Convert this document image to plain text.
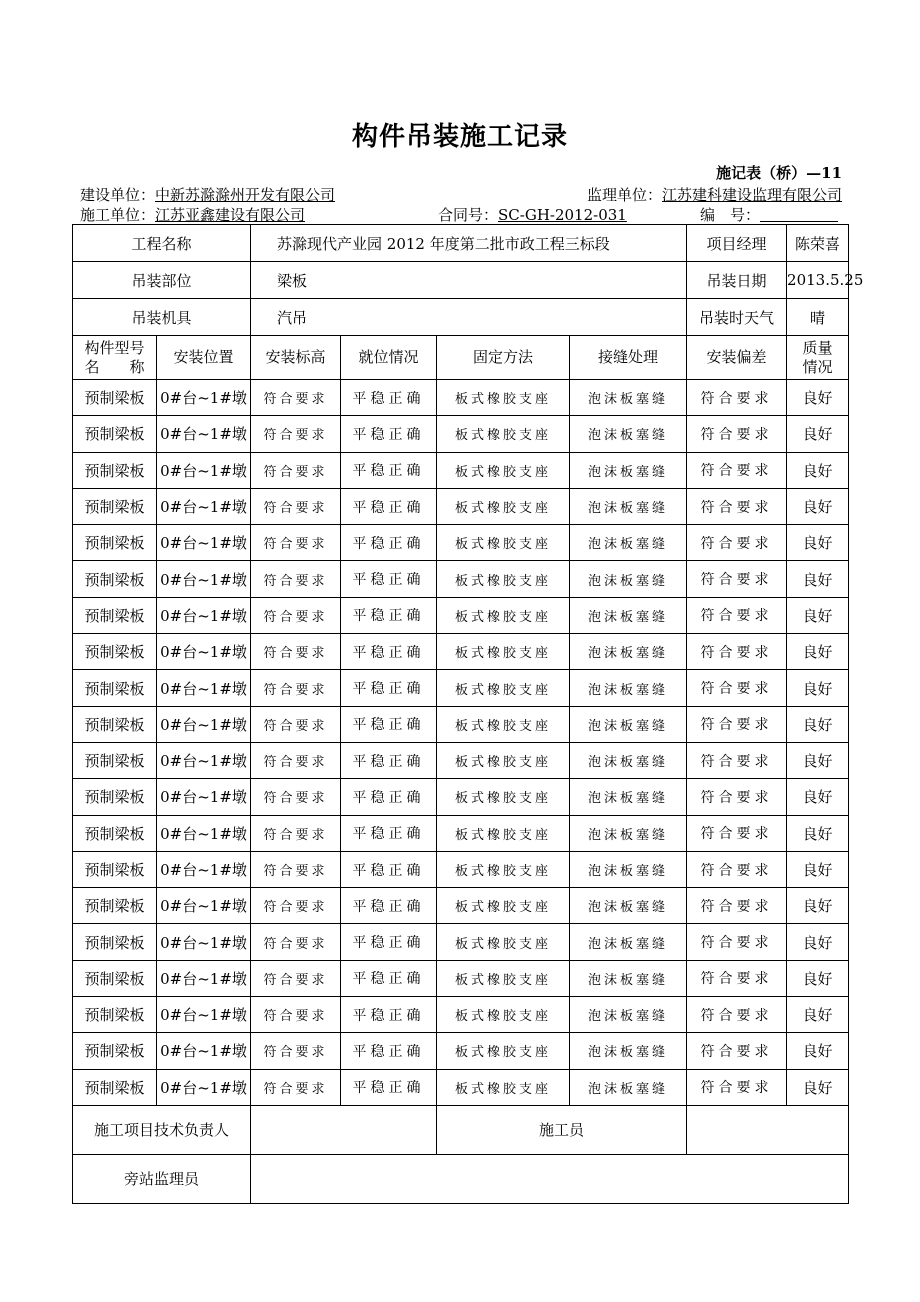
构件吊装施工记录
施记表（桥）—11
建设单位：中新苏滁滁州开发有限公司	监理单位：江苏建科建设监理有限公司
施工单位：江苏亚鑫建设有限公司	合同号：SC-GH-2012-031	编　号：
工程名称		苏滁现代产业园 2012 年度第二批市政工程三标段				项目经理	陈荣喜
吊装部位		梁板				吊装日期	2013.5.25
吊装机具		汽吊				吊装时天气	晴
构件型号
名　　称	安装位置	安装标高	就位情况	固定方法	接缝处理	安装偏差	质量
情况
预制梁板	0#台~1#墩	符合要求	平稳正确	板式橡胶支座	泡沫板塞缝	符合要求	良好
预制梁板	0#台~1#墩	符合要求	平稳正确	板式橡胶支座	泡沫板塞缝	符合要求	良好
预制梁板	0#台~1#墩	符合要求	平稳正确	板式橡胶支座	泡沫板塞缝	符合要求	良好
预制梁板	0#台~1#墩	符合要求	平稳正确	板式橡胶支座	泡沫板塞缝	符合要求	良好
预制梁板	0#台~1#墩	符合要求	平稳正确	板式橡胶支座	泡沫板塞缝	符合要求	良好
预制梁板	0#台~1#墩	符合要求	平稳正确	板式橡胶支座	泡沫板塞缝	符合要求	良好
预制梁板	0#台~1#墩	符合要求	平稳正确	板式橡胶支座	泡沫板塞缝	符合要求	良好
预制梁板	0#台~1#墩	符合要求	平稳正确	板式橡胶支座	泡沫板塞缝	符合要求	良好
预制梁板	0#台~1#墩	符合要求	平稳正确	板式橡胶支座	泡沫板塞缝	符合要求	良好
预制梁板	0#台~1#墩	符合要求	平稳正确	板式橡胶支座	泡沫板塞缝	符合要求	良好
预制梁板	0#台~1#墩	符合要求	平稳正确	板式橡胶支座	泡沫板塞缝	符合要求	良好
预制梁板	0#台~1#墩	符合要求	平稳正确	板式橡胶支座	泡沫板塞缝	符合要求	良好
预制梁板	0#台~1#墩	符合要求	平稳正确	板式橡胶支座	泡沫板塞缝	符合要求	良好
预制梁板	0#台~1#墩	符合要求	平稳正确	板式橡胶支座	泡沫板塞缝	符合要求	良好
预制梁板	0#台~1#墩	符合要求	平稳正确	板式橡胶支座	泡沫板塞缝	符合要求	良好
预制梁板	0#台~1#墩	符合要求	平稳正确	板式橡胶支座	泡沫板塞缝	符合要求	良好
预制梁板	0#台~1#墩	符合要求	平稳正确	板式橡胶支座	泡沫板塞缝	符合要求	良好
预制梁板	0#台~1#墩	符合要求	平稳正确	板式橡胶支座	泡沫板塞缝	符合要求	良好
预制梁板	0#台~1#墩	符合要求	平稳正确	板式橡胶支座	泡沫板塞缝	符合要求	良好
预制梁板	0#台~1#墩	符合要求	平稳正确	板式橡胶支座	泡沫板塞缝	符合要求	良好
施工项目技术负责人				施工员			
旁站监理员							
